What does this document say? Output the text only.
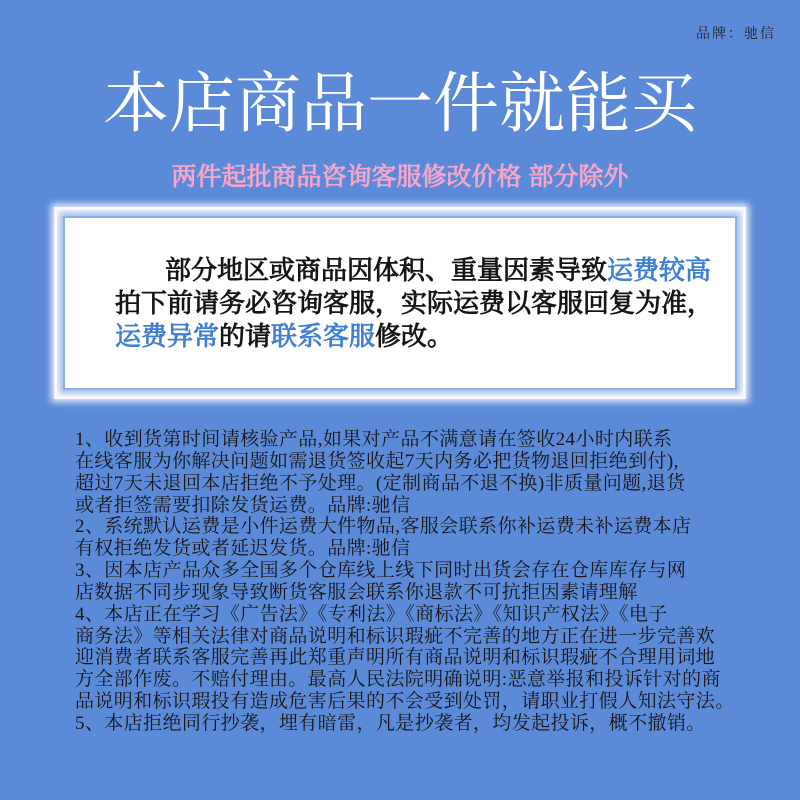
品牌：驰信
本店商品一件就能买
两件起批商品咨询客服修改价格 部分除外
部分地区或商品因体积、重量因素导致运费较高
拍下前请务必咨询客服，实际运费以客服回复为准，
运费异常的请联系客服修改。
1、收到货第时间请核验产品,如果对产品不满意请在签收24小时内联系
在线客服为你解决问题如需退货签收起7天内务必把货物退回拒绝到付),
超过7天未退回本店拒绝不予处理。(定制商品不退不换)非质量问题,退货
或者拒签需要扣除发货运费。品牌:驰信
2、系统默认运费是小件运费大件物品,客服会联系你补运费未补运费本店
有权拒绝发货或者延迟发货。品牌:驰信
3、因本店产品众多全国多个仓库线上线下同时出货会存在仓库库存与网
店数据不同步现象导致断货客服会联系你退款不可抗拒因素请理解
4、本店正在学习《广告法》《专利法》《商标法》《知识产权法》《电子
商务法》等相关法律对商品说明和标识瑕疵不完善的地方正在进一步完善欢
迎消费者联系客服完善再此郑重声明所有商品说明和标识瑕疵不合理用词地
方全部作废。不赔付理由。最高人民法院明确说明:恶意举报和投诉针对的商
品说明和标识瑕投有造成危害后果的不会受到处罚，请职业打假人知法守法。
5、本店拒绝同行抄袭，埋有暗雷，凡是抄袭者，均发起投诉，概不撤销。
